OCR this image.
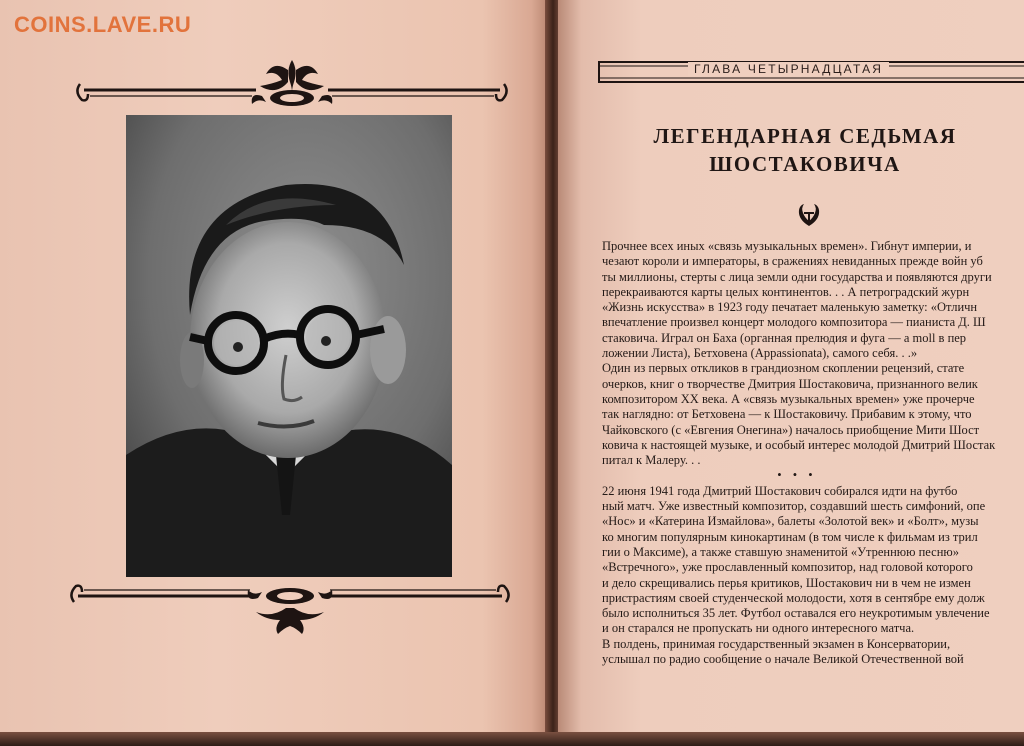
COINS.LAVE.RU
ГЛАВА ЧЕТЫРНАДЦАТАЯ
ЛЕГЕНДАРНАЯ СЕДЬМАЯ
ШОСТАКОВИЧА
Прочнее всех иных «связь музыкальных времен». Гибнут империи, и
чезают короли и императоры, в сражениях невиданных прежде войн уб
ты миллионы, стерты с лица земли одни государства и появляются други
перекраиваются карты целых континентов. . . А петроградский журн
«Жизнь искусства» в 1923 году печатает маленькую заметку: «Отличн
впечатление произвел концерт молодого композитора — пианиста Д. Ш
стаковича. Играл он Баха (органная прелюдия и фуга — a moll в пер
ложении Листа), Бетховена (Appassionata), самого себя. . .»
Один из первых откликов в грандиозном скоплении рецензий, стате
очерков, книг о творчестве Дмитрия Шостаковича, признанного велик
композитором XX века. А «связь музыкальных времен» уже прочерче
так наглядно: от Бетховена — к Шостаковичу. Прибавим к этому, что
Чайковского (с «Евгения Онегина») началось приобщение Мити Шост
ковича к настоящей музыке, и особый интерес молодой Дмитрий Шостак
питал к Малеру. . .
• • •
22 июня 1941 года Дмитрий Шостакович собирался идти на футбо
ный матч. Уже известный композитор, создавший шесть симфоний, опе
«Нос» и «Катерина Измайлова», балеты «Золотой век» и «Болт», музы
ко многим популярным кинокартинам (в том числе к фильмам из трил
гии о Максиме), а также ставшую знаменитой «Утреннюю песню»
«Встречного», уже прославленный композитор, над головой которого
и дело скрещивались перья критиков, Шостакович ни в чем не измен
пристрастиям своей студенческой молодости, хотя в сентябре ему долж
было исполниться 35 лет. Футбол оставался его неукротимым увлечение
и он старался не пропускать ни одного интересного матча.
В полдень, принимая государственный экзамен в Консерватории,
услышал по радио сообщение о начале Великой Отечественной вой
